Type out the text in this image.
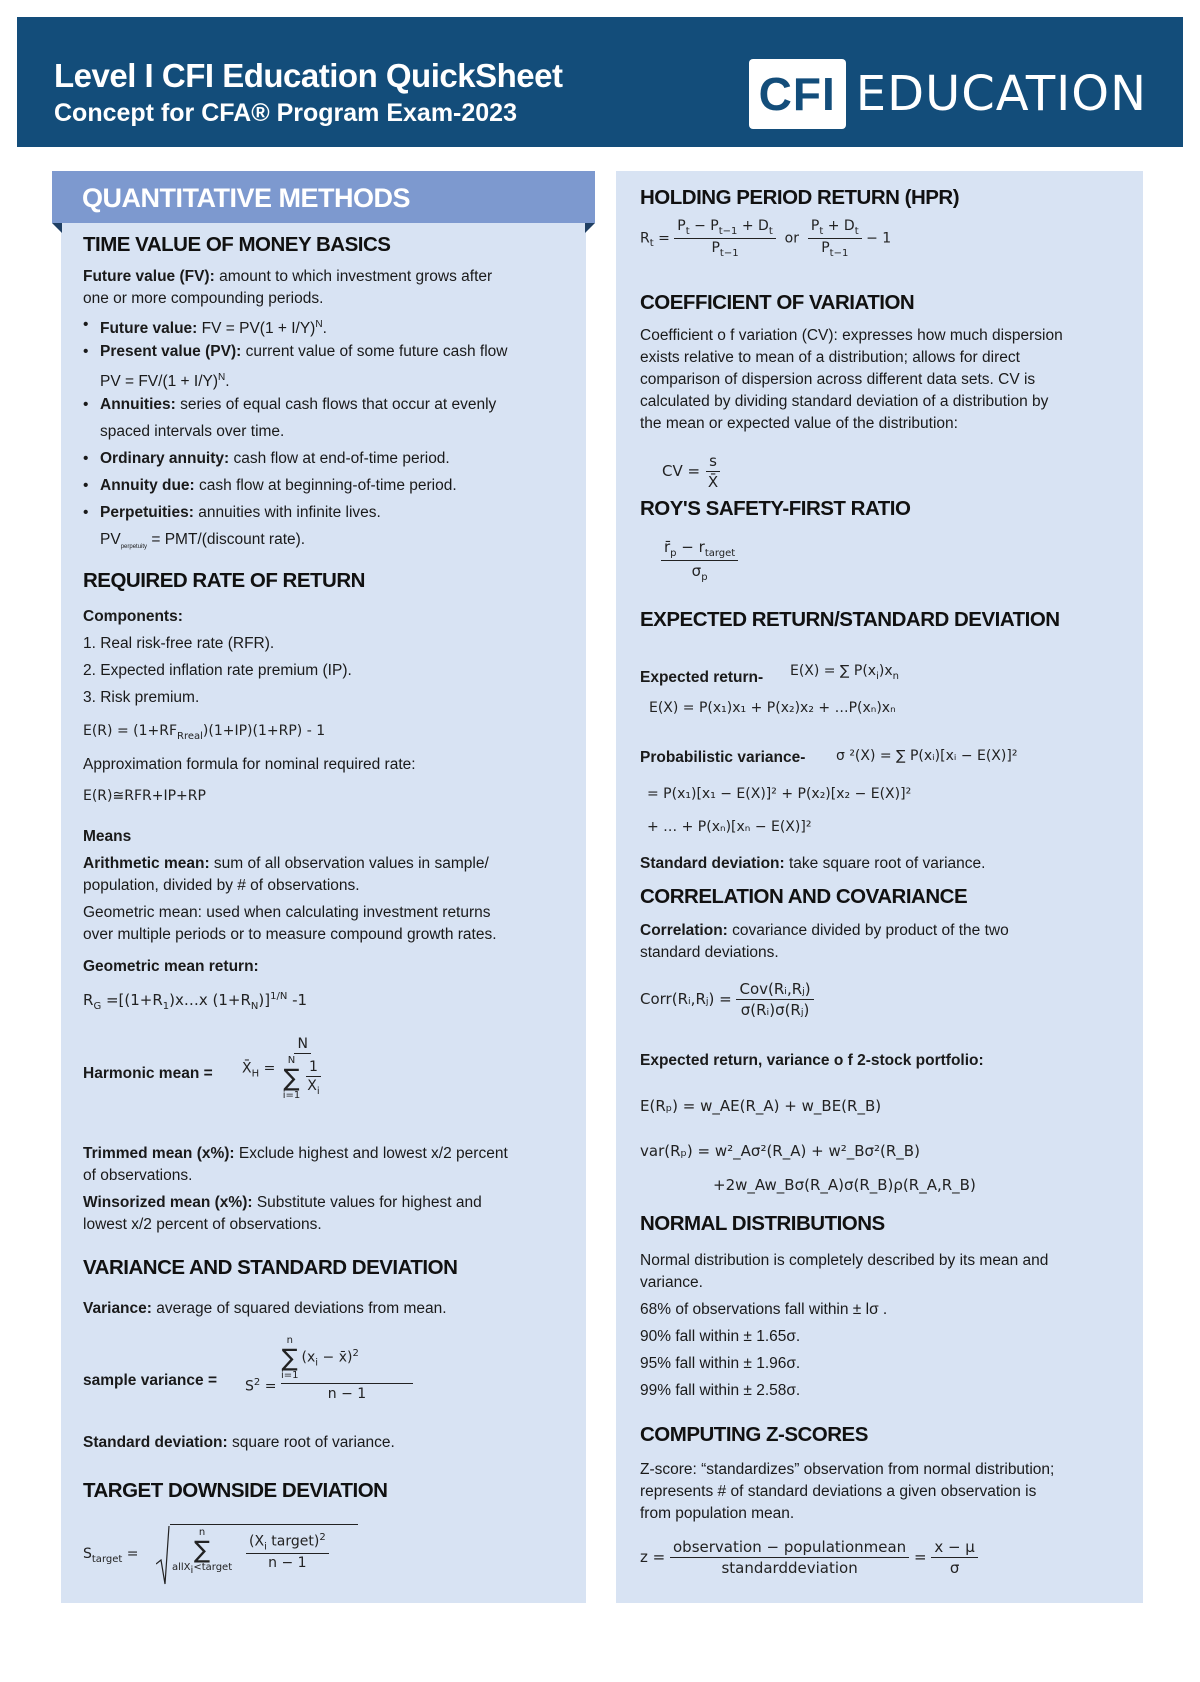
Level I CFI Education QuickSheet
Concept for CFA® Program Exam-2023	CFI EDUCATION
QUANTITATIVE METHODS
TIME VALUE OF MONEY BASICS
Future value (FV): amount to which investment grows after
one or more compounding periods.
• Future value: FV = $PV(1 + I/Y)^N$.
• Present value (PV): current value of some future cash flow
PV = $FV/(1 + I/Y)^N$.
• Annuities: series of equal cash flows that occur at evenly
spaced intervals over time.
• Ordinary annuity: cash flow at end-of-time period.
• Annuity due: cash flow at beginning-of-time period.
• Perpetuities: annuities with infinite lives.
$PV_{perpetuity}$ = PMT/(discount rate).
REQUIRED RATE OF RETURN
Components:
1. Real risk-free rate (RFR).
2. Expected inflation rate premium (IP).
3. Risk premium.
$E(R) = (1+RF_{Rreal})(1+IP)(1+RP) - 1$
Approximation formula for nominal required rate:
E(R)≅RFR+IP+RP
Means
Arithmetic mean: sum of all observation values in sample/
population, divided by # of observations.
Geometric mean: used when calculating investment returns
over multiple periods or to measure compound growth rates.
Geometric mean return:
$R_G$ $=[(1+R_1)x\dots x$ $(1+R_N)]^{1/N}$ -1
Harmonic mean = $X̄_H = N$
N
∑
$i=1 \frac{1}{X_i}$
Trimmed mean (x%): Exclude highest and lowest x/2 percent
of observations.
Winsorized mean (x%): Substitute values for highest and
lowest x/2 percent of observations.
VARIANCE AND STANDARD DEVIATION
Variance: average of squared deviations from mean.
sample variance = $S^2$ =
n
∑
i=1
($x_i$ − x̄)$^2$
n − 1
Standard deviation: square root of variance.
TARGET DOWNSIDE DEVIATION
$S_{target}$ =
n
∑
allX$_i$<target
($X_i$ target)$^2$
n − 1
HOLDING PERIOD RETURN (HPR)
$R_t = \frac{P_t - P_{t-1} + D_t}{P_{t-1}}$ or $\frac{P_t + D_t}{P_{t-1}} - 1$
COEFFICIENT OF VARIATION
Coefficient o f variation (CV): expresses how much dispersion
exists relative to mean of a distribution; allows for direct
comparison of dispersion across different data sets. CV is
calculated by dividing standard deviation of a distribution by
the mean or expected value of the distribution:
CV = $\frac{s}{X̄}$
ROY'S SAFETY-FIRST RATIO
$\frac{r̄_p - r_{target}}{\sigma_p}$
EXPECTED RETURN/STANDARD DEVIATION
Expected return- E(X) = ∑ $P(x_i)x_n$
E(X) = P(x₁)x₁ + P(x₂)x₂ + …P(xₙ)xₙ
Probabilistic variance- σ ²(X) = ∑ P(xᵢ)[xᵢ − E(X)]²
= P(x₁)[x₁ − E(X)]² + P(x₂)[x₂ − E(X)]²
+ … + P(xₙ)[xₙ − E(X)]²
Standard deviation: take square root of variance.
CORRELATION AND COVARIANCE
Correlation: covariance divided by product of the two
standard deviations.
Corr(Rᵢ,Rⱼ) = $\frac{\text{Cov(Rᵢ,Rⱼ)}}{\text{σ(Rᵢ)σ(Rⱼ)}}$
Expected return, variance o f 2-stock portfolio:
E(Rₚ) = w_AE(R_A) + w_BE(R_B)
var(Rₚ) = w²_Aσ²(R_A) + w²_Bσ²(R_B)
+2w_Aw_Bσ(R_A)σ(R_B)ρ(R_A,R_B)
NORMAL DISTRIBUTIONS
Normal distribution is completely described by its mean and
variance.
68% of observations fall within ± lσ .
90% fall within ± 1.65σ.
95% fall within ± 1.96σ.
99% fall within ± 2.58σ.
COMPUTING Z-SCORES
Z-score: “standardizes” observation from normal distribution;
represents # of standard deviations a given observation is
from population mean.
$z = \frac{\text{observation − populationmean}}{\text{standarddeviation}} = \frac{x - \mu}{\sigma}$
